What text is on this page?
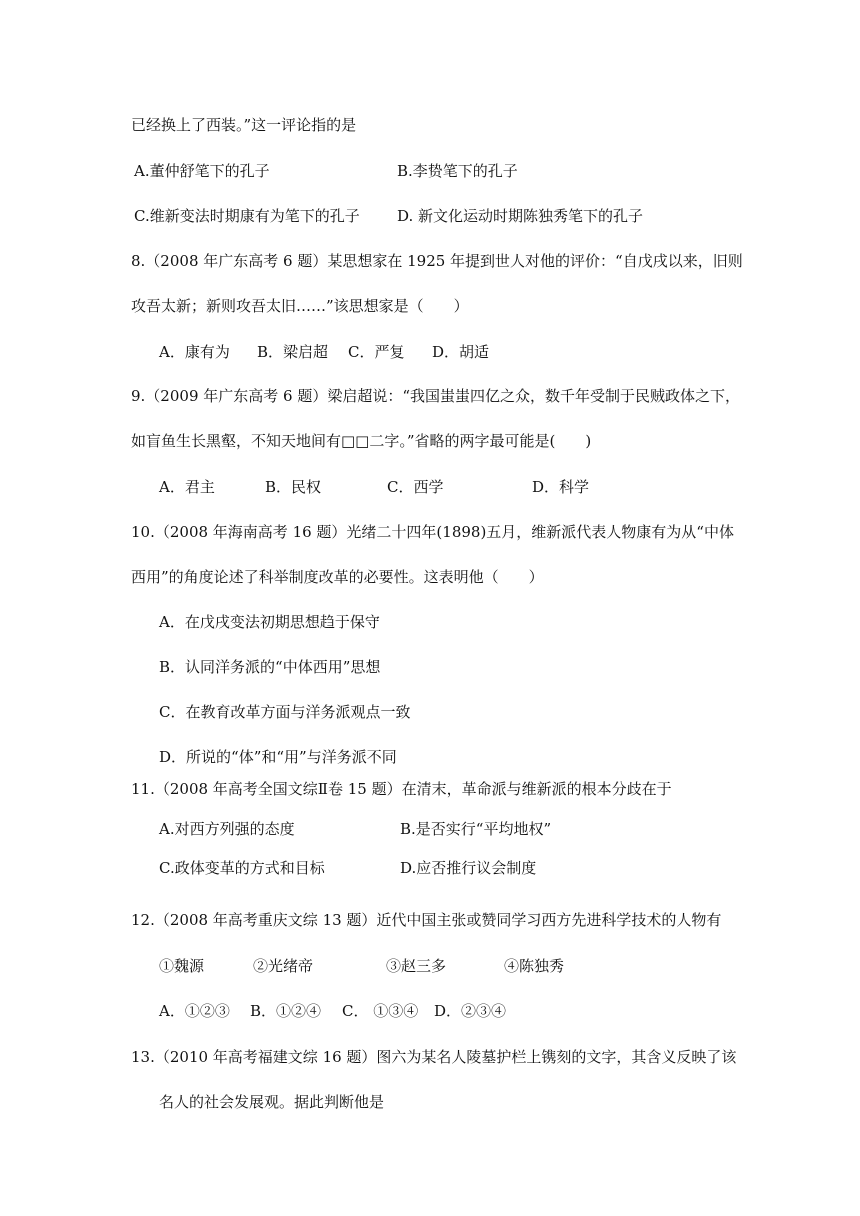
已经换上了西装。”这一评论指的是
A.董仲舒笔下的孔子	B.李贽笔下的孔子
C.维新变法时期康有为笔下的孔子 D. 新文化运动时期陈独秀笔下的孔子
8.（2008 年广东高考 6 题）某思想家在 1925 年提到世人对他的评价：“自戊戌以来，旧则
攻吾太新；新则攻吾太旧……”该思想家是（　　）
A．康有为 B．梁启超 C．严复 D．胡适
9.（2009 年广东高考 6 题）梁启超说：“我国蚩蚩四亿之众，数千年受制于民贼政体之下，
如盲鱼生长黑壑，不知天地间有□□二字。”省略的两字最可能是(　　)
A．君主	B．民权	C．西学	D．科学
10.（2008 年海南高考 16 题）光绪二十四年(1898)五月，维新派代表人物康有为从“中体
西用”的角度论述了科举制度改革的必要性。这表明他（　　）
A．在戊戌变法初期思想趋于保守
B．认同洋务派的“中体西用”思想
C．在教育改革方面与洋务派观点一致
D．所说的“体”和“用”与洋务派不同
11.（2008 年高考全国文综Ⅱ卷 15 题）在清末，革命派与维新派的根本分歧在于
A.对西方列强的态度	B.是否实行“平均地权”
C.政体变革的方式和目标	D.应否推行议会制度
12.（2008 年高考重庆文综 13 题）近代中国主张或赞同学习西方先进科学技术的人物有
①魏源	②光绪帝	③赵三多	④陈独秀
A．①②③ B．①②④ C． ①③④ D．②③④
13.（2010 年高考福建文综 16 题）图六为某名人陵墓护栏上镌刻的文字，其含义反映了该
名人的社会发展观。据此判断他是
